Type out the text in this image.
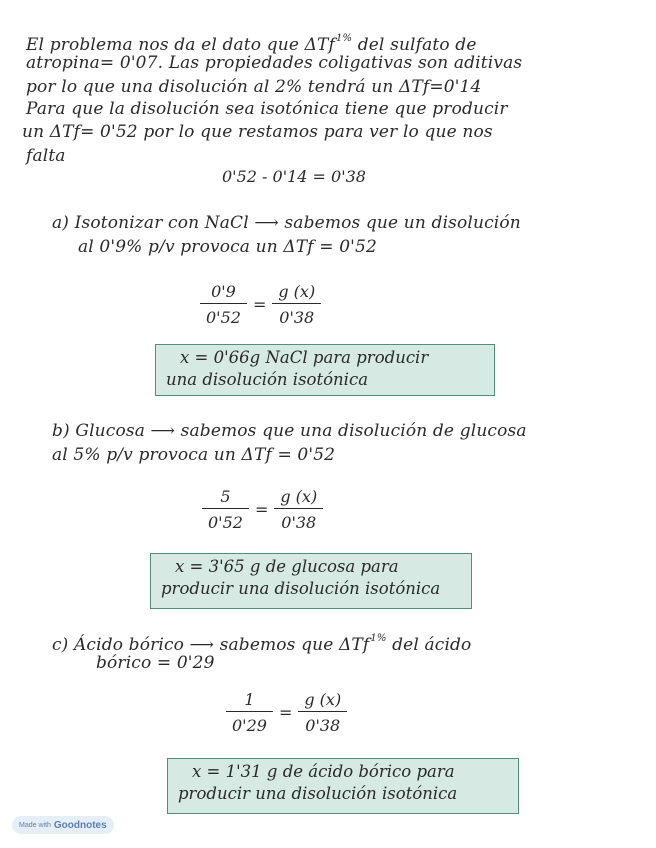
El problema nos da el dato que ΔTf$^{1\%}$ del sulfato de
atropina= 0'07. Las propiedades coligativas son aditivas
por lo que una disolución al 2% tendrá un ΔTf=0'14
Para que la disolución sea isotónica tiene que producir
un ΔTf= 0'52 por lo que restamos para ver lo que nos
falta
0'52 - 0'14 = 0'38
a) Isotonizar con NaCl ⟶ sabemos que un disolución
al 0'9% p/v provoca un ΔTf = 0'52
$\frac{0'9}{0'52} = \frac{g (x)}{0'38}$
x = 0'66g NaCl para producir
una disolución isotónica
b) Glucosa ⟶ sabemos que una disolución de glucosa
al 5% p/v provoca un ΔTf = 0'52
$\frac{5}{0'52} = \frac{g (x)}{0'38}$
x = 3'65 g de glucosa para
producir una disolución isotónica
c) Ácido bórico ⟶ sabemos que ΔTf$^{1\%}$ del ácido
bórico = 0'29
$\frac{1}{0'29} = \frac{g (x)}{0'38}$
x = 1'31 g de ácido bórico para
producir una disolución isotónica
Made with Goodnotes
